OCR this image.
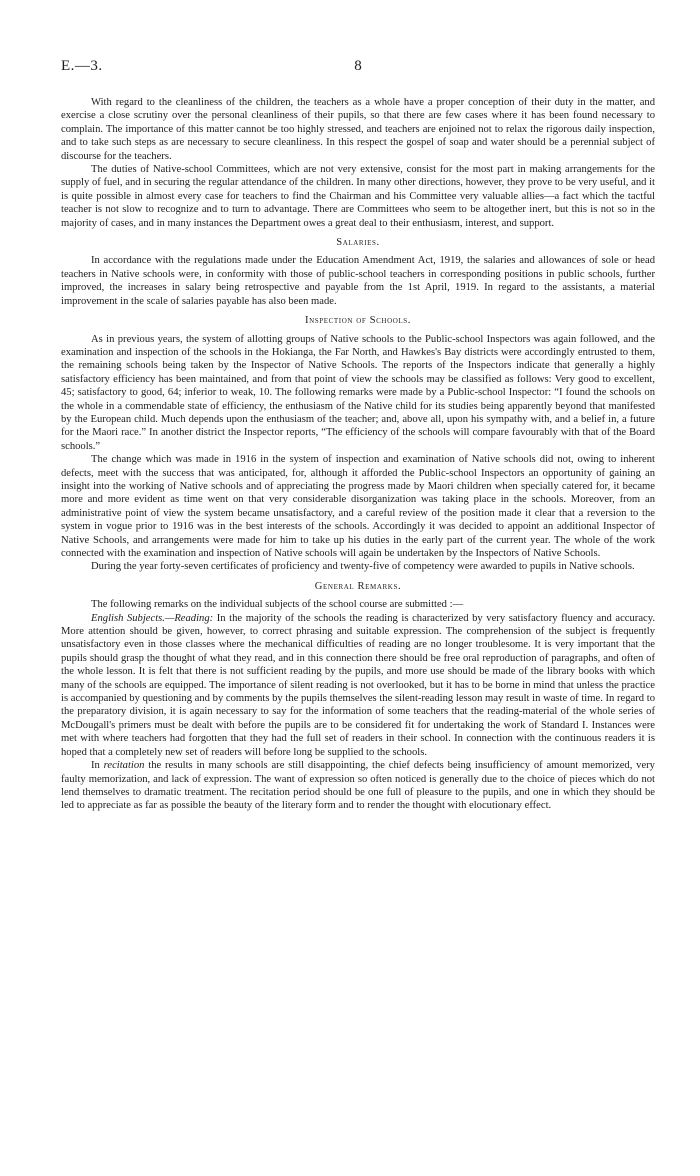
E.—3.	8

With regard to the cleanliness of the children, the teachers as a whole have a proper conception of their duty in the matter, and exercise a close scrutiny over the personal cleanliness of their pupils, so that there are few cases where it has been found necessary to complain. The importance of this matter cannot be too highly stressed, and teachers are enjoined not to relax the rigorous daily inspection, and to take such steps as are necessary to secure cleanliness. In this respect the gospel of soap and water should be a perennial subject of discourse for the teachers.

The duties of Native-school Committees, which are not very extensive, consist for the most part in making arrangements for the supply of fuel, and in securing the regular attendance of the children. In many other directions, however, they prove to be very useful, and it is quite possible in almost every case for teachers to find the Chairman and his Committee very valuable allies—a fact which the tactful teacher is not slow to recognize and to turn to advantage. There are Committees who seem to be altogether inert, but this is not so in the majority of cases, and in many instances the Department owes a great deal to their enthusiasm, interest, and support.

Salaries.

In accordance with the regulations made under the Education Amendment Act, 1919, the salaries and allowances of sole or head teachers in Native schools were, in conformity with those of public-school teachers in corresponding positions in public schools, further improved, the increases in salary being retrospective and payable from the 1st April, 1919. In regard to the assistants, a material improvement in the scale of salaries payable has also been made.

Inspection of Schools.

As in previous years, the system of allotting groups of Native schools to the Public-school Inspectors was again followed, and the examination and inspection of the schools in the Hokianga, the Far North, and Hawkes's Bay districts were accordingly entrusted to them, the remaining schools being taken by the Inspector of Native Schools. The reports of the Inspectors indicate that generally a highly satisfactory efficiency has been maintained, and from that point of view the schools may be classified as follows: Very good to excellent, 45; satisfactory to good, 64; inferior to weak, 10. The following remarks were made by a Public-school Inspector: “I found the schools on the whole in a commendable state of efficiency, the enthusiasm of the Native child for its studies being apparently beyond that manifested by the European child. Much depends upon the enthusiasm of the teacher; and, above all, upon his sympathy with, and a belief in, a future for the Maori race.” In another district the Inspector reports, “The efficiency of the schools will compare favourably with that of the Board schools.”

The change which was made in 1916 in the system of inspection and examination of Native schools did not, owing to inherent defects, meet with the success that was anticipated, for, although it afforded the Public-school Inspectors an opportunity of gaining an insight into the working of Native schools and of appreciating the progress made by Maori children when specially catered for, it became more and more evident as time went on that very considerable disorganization was taking place in the schools. Moreover, from an administrative point of view the system became unsatisfactory, and a careful review of the position made it clear that a reversion to the system in vogue prior to 1916 was in the best interests of the schools. Accordingly it was decided to appoint an additional Inspector of Native Schools, and arrangements were made for him to take up his duties in the early part of the current year. The whole of the work connected with the examination and inspection of Native schools will again be undertaken by the Inspectors of Native Schools.

During the year forty-seven certificates of proficiency and twenty-five of competency were awarded to pupils in Native schools.

General Remarks.

The following remarks on the individual subjects of the school course are submitted :—

English Subjects.—Reading: In the majority of the schools the reading is characterized by very satisfactory fluency and accuracy. More attention should be given, however, to correct phrasing and suitable expression. The comprehension of the subject is frequently unsatisfactory even in those classes where the mechanical difficulties of reading are no longer troublesome. It is very important that the pupils should grasp the thought of what they read, and in this connection there should be free oral reproduction of paragraphs, and often of the whole lesson. It is felt that there is not sufficient reading by the pupils, and more use should be made of the library books with which many of the schools are equipped. The importance of silent reading is not overlooked, but it has to be borne in mind that unless the practice is accompanied by questioning and by comments by the pupils themselves the silent-reading lesson may result in waste of time. In regard to the preparatory division, it is again necessary to say for the information of some teachers that the reading-material of the whole series of McDougall's primers must be dealt with before the pupils are to be considered fit for undertaking the work of Standard I. Instances were met with where teachers had forgotten that they had the full set of readers in their school. In connection with the continuous readers it is hoped that a completely new set of readers will before long be supplied to the schools.

In recitation the results in many schools are still disappointing, the chief defects being insufficiency of amount memorized, very faulty memorization, and lack of expression. The want of expression so often noticed is generally due to the choice of pieces which do not lend themselves to dramatic treatment. The recitation period should be one full of pleasure to the pupils, and one in which they should be led to appreciate as far as possible the beauty of the literary form and to render the thought with elocutionary effect.
